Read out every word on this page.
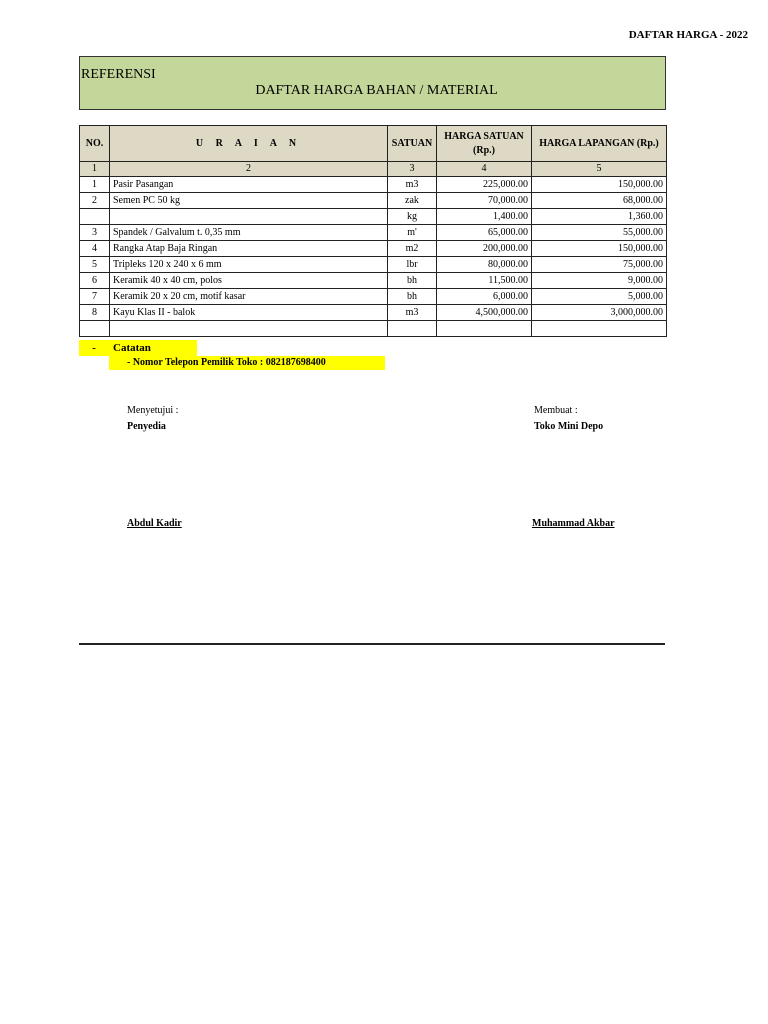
DAFTAR HARGA - 2022
REFERENSI
DAFTAR HARGA BAHAN / MATERIAL
NO.	U R A I A N	SATUAN	HARGA SATUAN (Rp.)	HARGA LAPANGAN (Rp.)
1	2	3	4	5
1	Pasir Pasangan	m3	225,000.00	150,000.00
2	Semen PC 50 kg	zak	70,000.00	68,000.00
		kg	1,400.00	1,360.00
3	Spandek / Galvalum t. 0,35 mm	m'	65,000.00	55,000.00
4	Rangka Atap Baja Ringan	m2	200,000.00	150,000.00
5	Tripleks 120 x 240 x 6 mm	lbr	80,000.00	75,000.00
6	Keramik 40 x 40 cm, polos	bh	11,500.00	9,000.00
7	Keramik 20 x 20 cm, motif kasar	bh	6,000.00	5,000.00
8	Kayu Klas II - balok	m3	4,500,000.00	3,000,000.00

-	Catatan
- Nomor Telepon Pemilik Toko : 082187698400
Menyetujui :
Penyedia
Abdul Kadir
Membuat :
Toko Mini Depo
Muhammad Akbar
